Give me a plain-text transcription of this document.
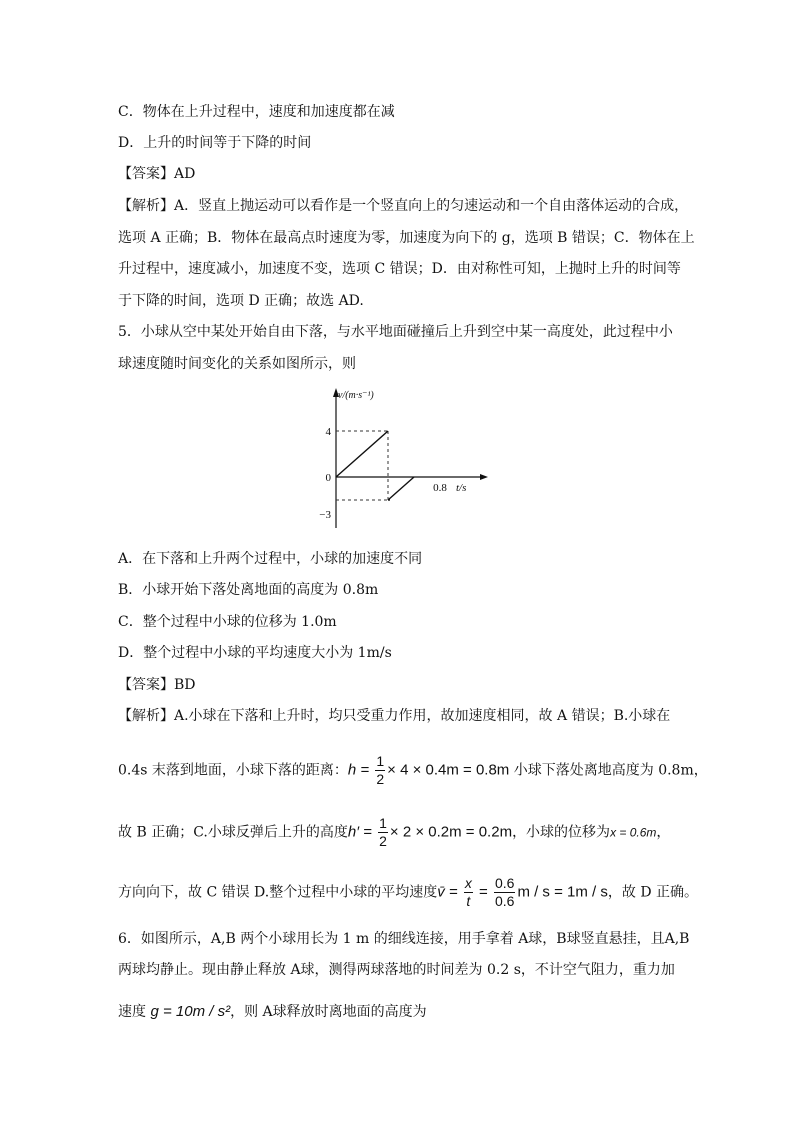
C．物体在上升过程中，速度和加速度都在减
D．上升的时间等于下降的时间
【答案】AD
【解析】A．竖直上抛运动可以看作是一个竖直向上的匀速运动和一个自由落体运动的合成，
选项 A 正确；B．物体在最高点时速度为零，加速度为向下的 g，选项 B 错误；C．物体在上
升过程中，速度减小，加速度不变，选项 C 错误；D．由对称性可知，上抛时上升的时间等
于下降的时间，选项 D 正确；故选 AD.
5．小球从空中某处开始自由下落，与水平地面碰撞后上升到空中某一高度处，此过程中小
球速度随时间变化的关系如图所示，则
v/(m·s⁻¹)
4
0
−3
0.8 t/s
A．在下落和上升两个过程中，小球的加速度不同
B．小球开始下落处离地面的高度为 0.8m
C．整个过程中小球的位移为 1.0m
D．整个过程中小球的平均速度大小为 1m/s
【答案】BD
【解析】A.小球在下落和上升时，均只受重力作用，故加速度相同，故 A 错误；B.小球在
0.4s 末落到地面，小球下落的距离：$h = \frac{1}{2} \times 4 \times 0.4m = 0.8m$ 小球下落处离地高度为 0.8m，
故 B 正确；C.小球反弹后上升的高度$h' = \frac{1}{2} \times 2 \times 0.2m = 0.2m$，小球的位移为x = 0.6m，
方向向下，故 C 错误 D.整个过程中小球的平均速度v̄ = $\frac{x}{t} = \frac{0.6}{0.6}$ m / s = 1m / s，故 D 正确。
6．如图所示，A,B 两个小球用长为 1 m 的细线连接，用手拿着 A球，B球竖直悬挂，且A,B
两球均静止。现由静止释放 A球，测得两球落地的时间差为 0.2 s，不计空气阻力，重力加
速度 g = 10m / s²，则 A球释放时离地面的高度为
